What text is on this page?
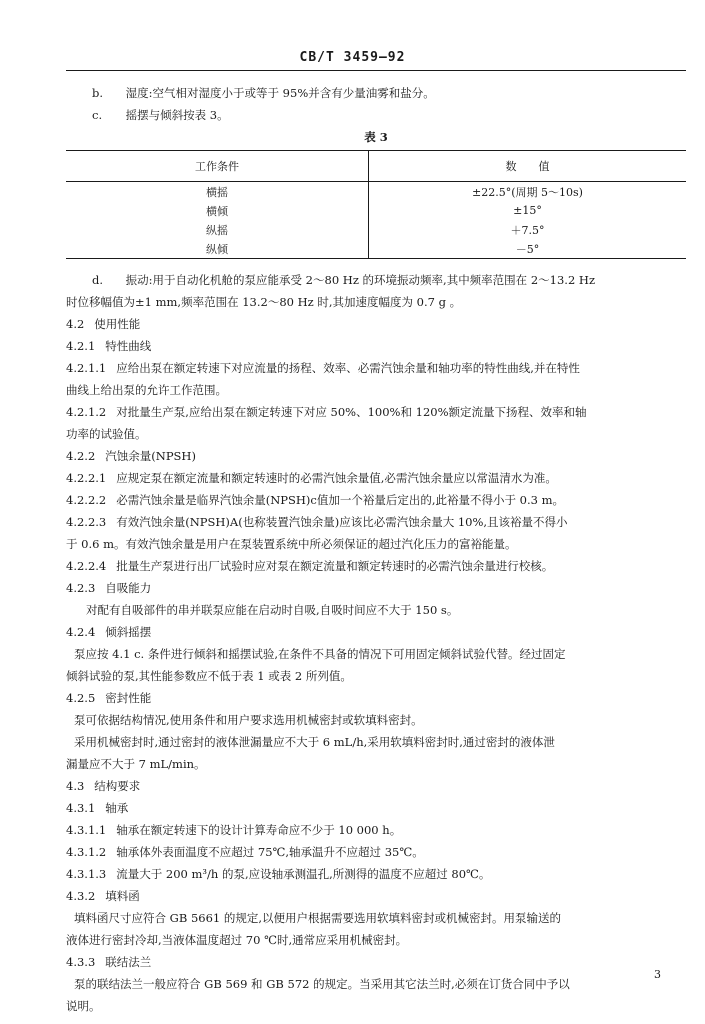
CB/T 3459—92
b. 湿度:空气相对湿度小于或等于 95%并含有少量油雾和盐分。
c. 摇摆与倾斜按表 3。
表 3
工作条件	数　　值
横摇	±22.5°(周期 5～10s)
横倾	±15°
纵摇	＋7.5°
纵倾	－5°
d. 振动:用于自动化机舱的泵应能承受 2～80 Hz 的环境振动频率,其中频率范围在 2～13.2 Hz
时位移幅值为±1 mm,频率范围在 13.2～80 Hz 时,其加速度幅度为 0.7 g 。
4.2 使用性能
4.2.1 特性曲线
4.2.1.1 应给出泵在额定转速下对应流量的扬程、效率、必需汽蚀余量和轴功率的特性曲线,并在特性
曲线上给出泵的允许工作范围。
4.2.1.2 对批量生产泵,应给出泵在额定转速下对应 50%、100%和 120%额定流量下扬程、效率和轴
功率的试验值。
4.2.2 汽蚀余量(NPSH)
4.2.2.1 应规定泵在额定流量和额定转速时的必需汽蚀余量值,必需汽蚀余量应以常温清水为准。
4.2.2.2 必需汽蚀余量是临界汽蚀余量(NPSH)c值加一个裕量后定出的,此裕量不得小于 0.3 m。
4.2.2.3 有效汽蚀余量(NPSH)A(也称装置汽蚀余量)应该比必需汽蚀余量大 10%,且该裕量不得小
于 0.6 m。有效汽蚀余量是用户在泵装置系统中所必须保证的超过汽化压力的富裕能量。
4.2.2.4 批量生产泵进行出厂试验时应对泵在额定流量和额定转速时的必需汽蚀余量进行校核。
4.2.3 自吸能力
对配有自吸部件的串并联泵应能在启动时自吸,自吸时间应不大于 150 s。
4.2.4 倾斜摇摆
泵应按 4.1 c. 条件进行倾斜和摇摆试验,在条件不具备的情况下可用固定倾斜试验代替。经过固定
倾斜试验的泵,其性能参数应不低于表 1 或表 2 所列值。
4.2.5 密封性能
泵可依据结构情况,使用条件和用户要求选用机械密封或软填料密封。
采用机械密封时,通过密封的液体泄漏量应不大于 6 mL/h,采用软填料密封时,通过密封的液体泄
漏量应不大于 7 mL/min。
4.3 结构要求
4.3.1 轴承
4.3.1.1 轴承在额定转速下的设计计算寿命应不少于 10 000 h。
4.3.1.2 轴承体外表面温度不应超过 75℃,轴承温升不应超过 35℃。
4.3.1.3 流量大于 200 m³/h 的泵,应设轴承测温孔,所测得的温度不应超过 80℃。
4.3.2 填料函
填料函尺寸应符合 GB 5661 的规定,以便用户根据需要选用软填料密封或机械密封。用泵输送的
液体进行密封冷却,当液体温度超过 70 ℃时,通常应采用机械密封。
4.3.3 联结法兰
泵的联结法兰一般应符合 GB 569 和 GB 572 的规定。当采用其它法兰时,必须在订货合同中予以
说明。
3
